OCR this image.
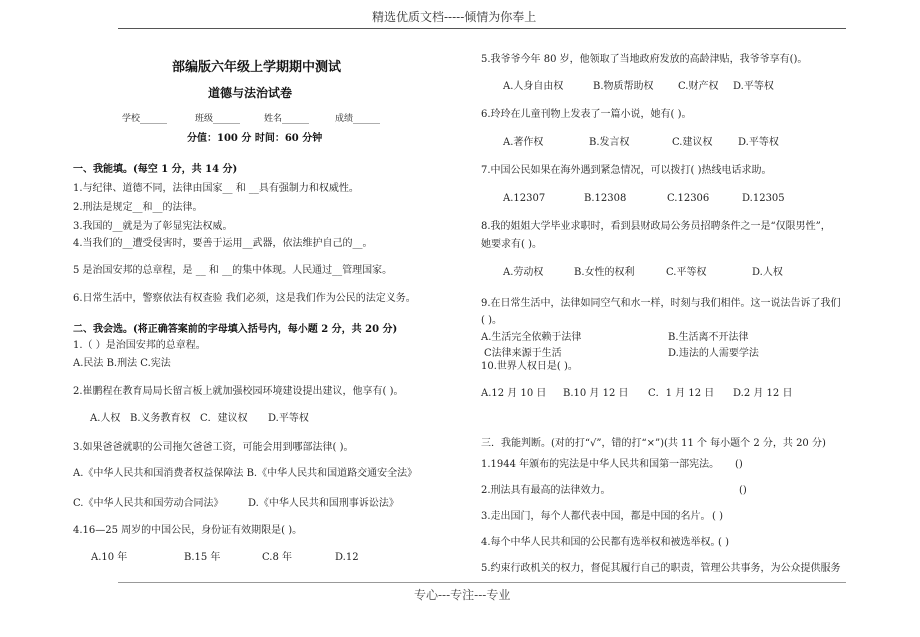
精选优质文档-----倾情为你奉上
部编版六年级上学期期中测试
道德与法治试卷
学校______	班级______	姓名______	成绩______
分值：100 分 时间：60 分钟
一、我能填。(每空 1 分，共 14 分)
1.与纪律、道德不同，法律由国家__ 和 __具有强制力和权威性。
2.刑法是规定__和__的法律。
3.我国的__就是为了彰显宪法权威。
4.当我们的__遭受侵害时，要善于运用__武器，依法维护自己的__。
5 是治国安邦的总章程，是 __ 和 __的集中体现。人民通过__管理国家。
6.日常生活中，警察依法有权查验 我们必须，这是我们作为公民的法定义务。
二、我会选。(将正确答案前的字母填入括号内，每小题 2 分，共 20 分)
1.（ ）是治国安邦的总章程。
A.民法 B.刑法 C.宪法
2.崔鹏程在教育局局长留言板上就加强校园环境建设提出建议，他享有( )。
A.人权 B.义务教育权 C．建议权 D.平等权
3.如果爸爸就职的公司拖欠爸爸工资，可能会用到哪部法律( )。
A.《中华人民共和国消费者权益保障法 B.《中华人民共和国道路交通安全法》
C.《中华人民共和国劳动合同法》 D.《中华人民共和国刑事诉讼法》
4.16—25 周岁的中国公民，身份证有效期限是( )。
A.10 年	B.15 年	C.8 年	D.12
5.我爷爷今年 80 岁，他领取了当地政府发放的高龄津贴，我爷爷享有()。
A.人身自由权	B.物质帮助权 C.财产权 D.平等权
6.玲玲在儿童刊物上发表了一篇小说，她有( )。
A.著作权	B.发言权	C.建议权	D.平等权
7.中国公民如果在海外遇到紧急情况，可以拨打( )热线电话求助。
A.12307	B.12308	C.12306	D.12305
8.我的姐姐大学毕业求职时，看到县财政局公务员招聘条件之一是“仅限男性”，
她要求有( )。
A.劳动权	B.女性的权利	C.平等权	D.人权
9.在日常生活中，法律如同空气和水一样，时刻与我们相伴。这一说法告诉了我们
( )。
A.生活完全依赖于法律	B.生活离不开法律
C法律来源于生活	D.违法的人需要学法
10.世界人权日是( )。
A.12 月 10 日 B.10 月 12 日 C．1 月 12 日 D.2 月 12 日
三．我能判断。(对的打“√”，错的打“×”)(共 11 个 每小题个 2 分，共 20 分)
1.1944 年颁布的宪法是中华人民共和国第一部宪法。 ()
2.刑法具有最高的法律效力。	()
3.走出国门，每个人都代表中国，都是中国的名片。 ( )
4.每个中华人民共和国的公民都有选举权和被选举权。
( )
5.约束行政机关的权力，督促其履行自己的职责，管理公共事务，为公众提供服务
专心---专注---专业
